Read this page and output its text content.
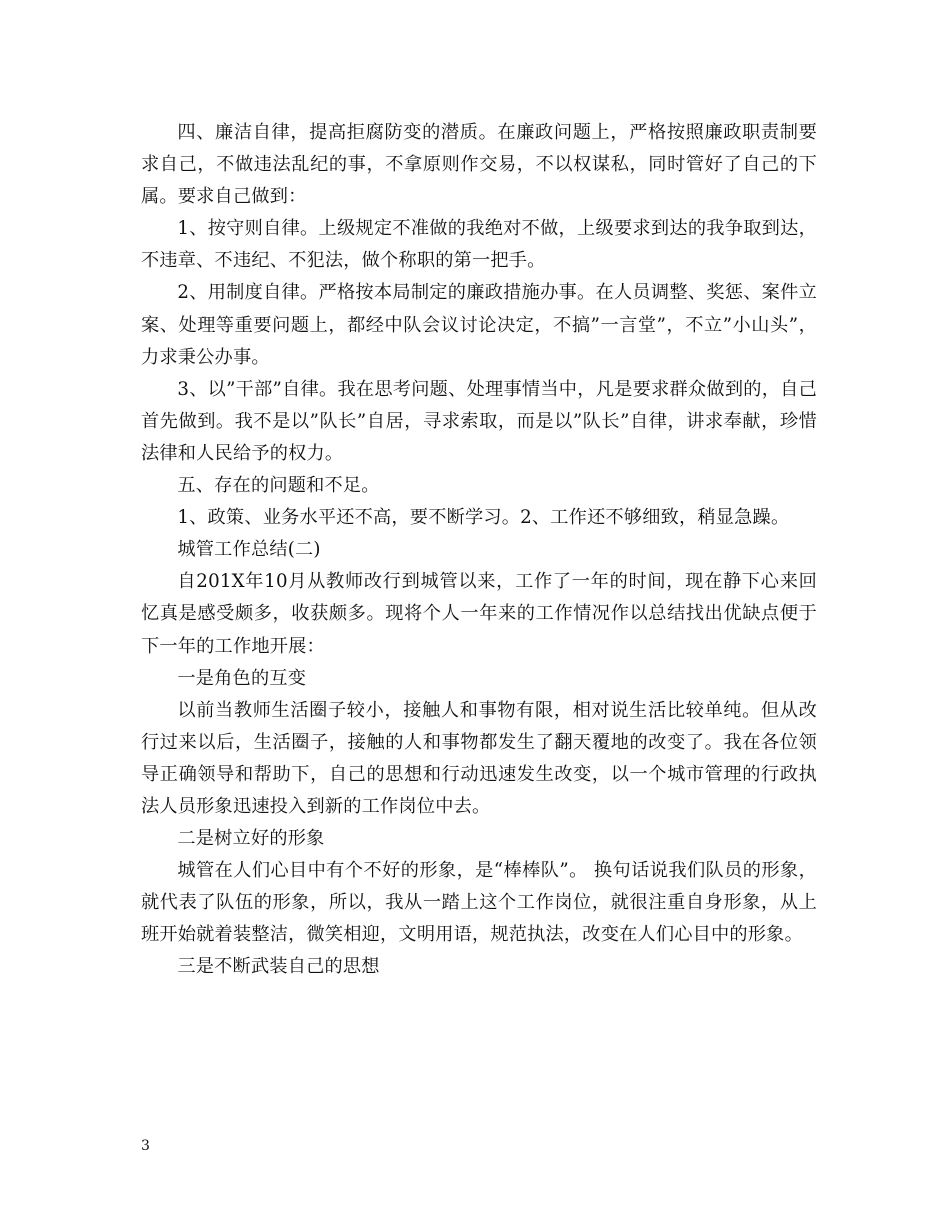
四、廉洁自律，提高拒腐防变的潜质。在廉政问题上，严格按照廉政职责制要求自己，不做违法乱纪的事，不拿原则作交易，不以权谋私，同时管好了自己的下属。要求自己做到：

1、按守则自律。上级规定不准做的我绝对不做，上级要求到达的我争取到达，不违章、不违纪、不犯法，做个称职的第一把手。

2、用制度自律。严格按本局制定的廉政措施办事。在人员调整、奖惩、案件立案、处理等重要问题上，都经中队会议讨论决定，不搞”一言堂”，不立”小山头”，力求秉公办事。

3、以”干部”自律。我在思考问题、处理事情当中，凡是要求群众做到的，自己首先做到。我不是以”队长”自居，寻求索取，而是以”队长”自律，讲求奉献，珍惜法律和人民给予的权力。

五、存在的问题和不足。

1、政策、业务水平还不高，要不断学习。2、工作还不够细致，稍显急躁。

城管工作总结(二)

自201X年10月从教师改行到城管以来，工作了一年的时间，现在静下心来回忆真是感受颇多，收获颇多。现将个人一年来的工作情况作以总结找出优缺点便于下一年的工作地开展：

一是角色的互变

以前当教师生活圈子较小，接触人和事物有限，相对说生活比较单纯。但从改行过来以后，生活圈子，接触的人和事物都发生了翻天覆地的改变了。我在各位领导正确领导和帮助下，自己的思想和行动迅速发生改变，以一个城市管理的行政执法人员形象迅速投入到新的工作岗位中去。

二是树立好的形象

城管在人们心目中有个不好的形象，是“棒棒队”。 换句话说我们队员的形象，就代表了队伍的形象，所以，我从一踏上这个工作岗位，就很注重自身形象，从上班开始就着装整洁，微笑相迎，文明用语，规范执法，改变在人们心目中的形象。

三是不断武装自己的思想

3
